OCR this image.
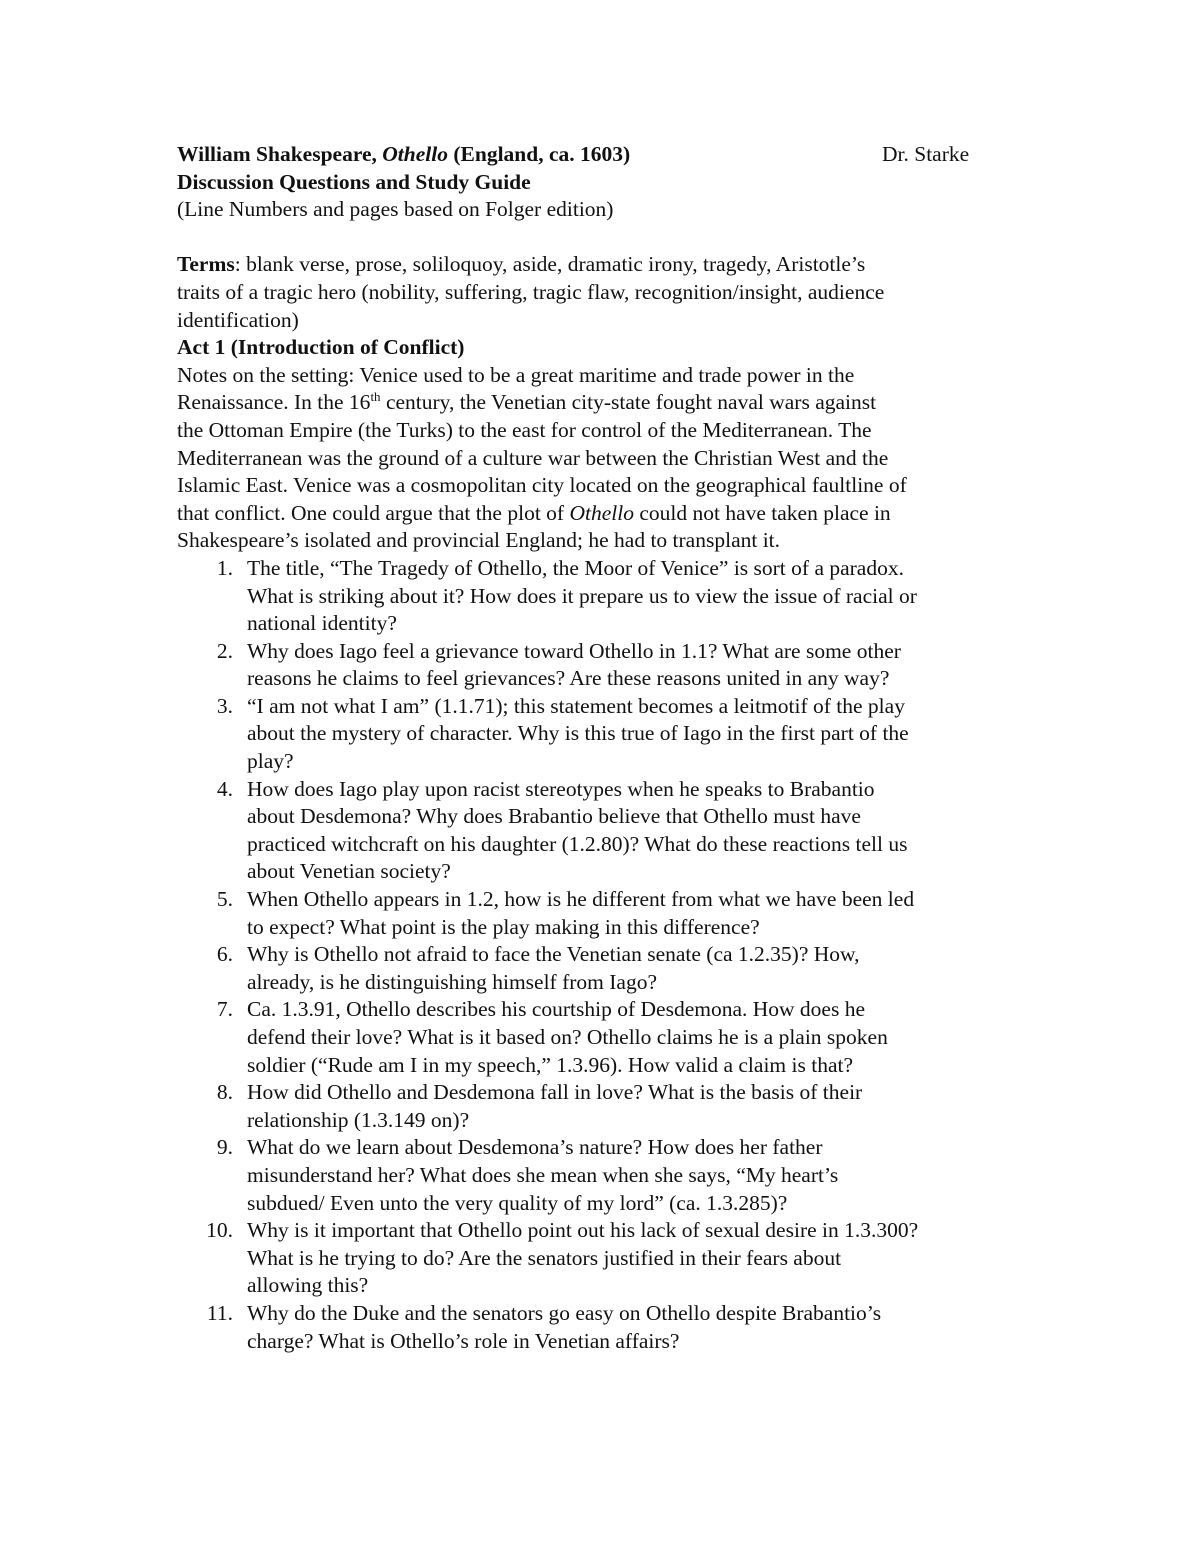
William Shakespeare, Othello (England, ca. 1603)	Dr. Starke
Discussion Questions and Study Guide
(Line Numbers and pages based on Folger edition)
Terms: blank verse, prose, soliloquoy, aside, dramatic irony, tragedy, Aristotle’s
traits of a tragic hero (nobility, suffering, tragic flaw, recognition/insight, audience
identification)
Act 1 (Introduction of Conflict)
Notes on the setting: Venice used to be a great maritime and trade power in the
Renaissance. In the 16th century, the Venetian city-state fought naval wars against
the Ottoman Empire (the Turks) to the east for control of the Mediterranean. The
Mediterranean was the ground of a culture war between the Christian West and the
Islamic East. Venice was a cosmopolitan city located on the geographical faultline of
that conflict. One could argue that the plot of Othello could not have taken place in
Shakespeare’s isolated and provincial England; he had to transplant it.
1. The title, “The Tragedy of Othello, the Moor of Venice” is sort of a paradox.
What is striking about it? How does it prepare us to view the issue of racial or
national identity?
2. Why does Iago feel a grievance toward Othello in 1.1? What are some other
reasons he claims to feel grievances? Are these reasons united in any way?
3. “I am not what I am” (1.1.71); this statement becomes a leitmotif of the play
about the mystery of character. Why is this true of Iago in the first part of the
play?
4. How does Iago play upon racist stereotypes when he speaks to Brabantio
about Desdemona? Why does Brabantio believe that Othello must have
practiced witchcraft on his daughter (1.2.80)? What do these reactions tell us
about Venetian society?
5. When Othello appears in 1.2, how is he different from what we have been led
to expect? What point is the play making in this difference?
6. Why is Othello not afraid to face the Venetian senate (ca 1.2.35)? How,
already, is he distinguishing himself from Iago?
7. Ca. 1.3.91, Othello describes his courtship of Desdemona. How does he
defend their love? What is it based on? Othello claims he is a plain spoken
soldier (“Rude am I in my speech,” 1.3.96). How valid a claim is that?
8. How did Othello and Desdemona fall in love? What is the basis of their
relationship (1.3.149 on)?
9. What do we learn about Desdemona’s nature? How does her father
misunderstand her? What does she mean when she says, “My heart’s
subdued/ Even unto the very quality of my lord” (ca. 1.3.285)?
10. Why is it important that Othello point out his lack of sexual desire in 1.3.300?
What is he trying to do? Are the senators justified in their fears about
allowing this?
11. Why do the Duke and the senators go easy on Othello despite Brabantio’s
charge? What is Othello’s role in Venetian affairs?
